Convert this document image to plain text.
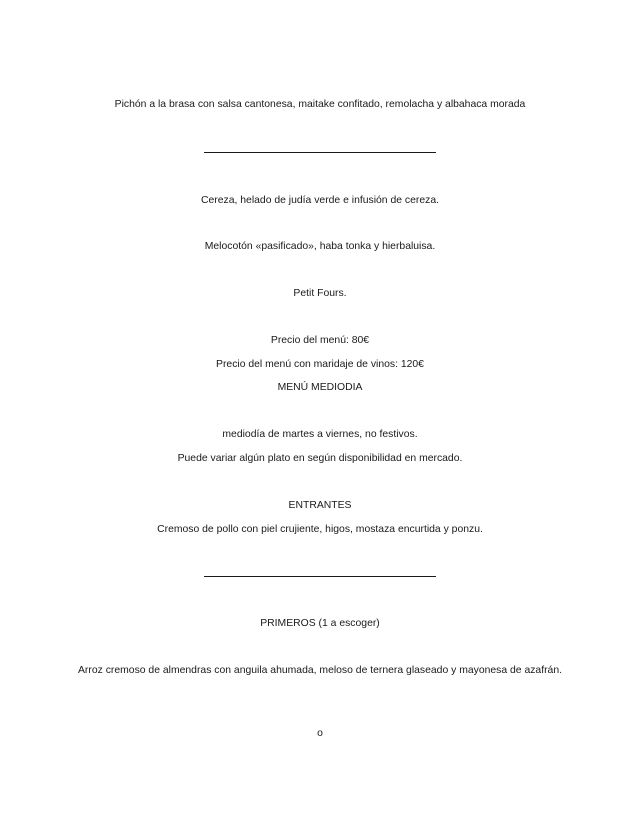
Pichón a la brasa con salsa cantonesa, maitake confitado, remolacha y albahaca morada
Cereza, helado de judía verde e infusión de cereza.
Melocotón «pasificado», haba tonka y hierbaluisa.
Petit Fours.
Precio del menú: 80€
Precio del menú con maridaje de vinos: 120€
MENÚ MEDIODIA
mediodía de martes a viernes, no festivos.
Puede variar algún plato en según disponibilidad en mercado.
ENTRANTES
Cremoso de pollo con piel crujiente, higos, mostaza encurtida y ponzu.
PRIMEROS (1 a escoger)
Arroz cremoso de almendras con anguila ahumada, meloso de ternera glaseado y mayonesa de azafrán.
o
